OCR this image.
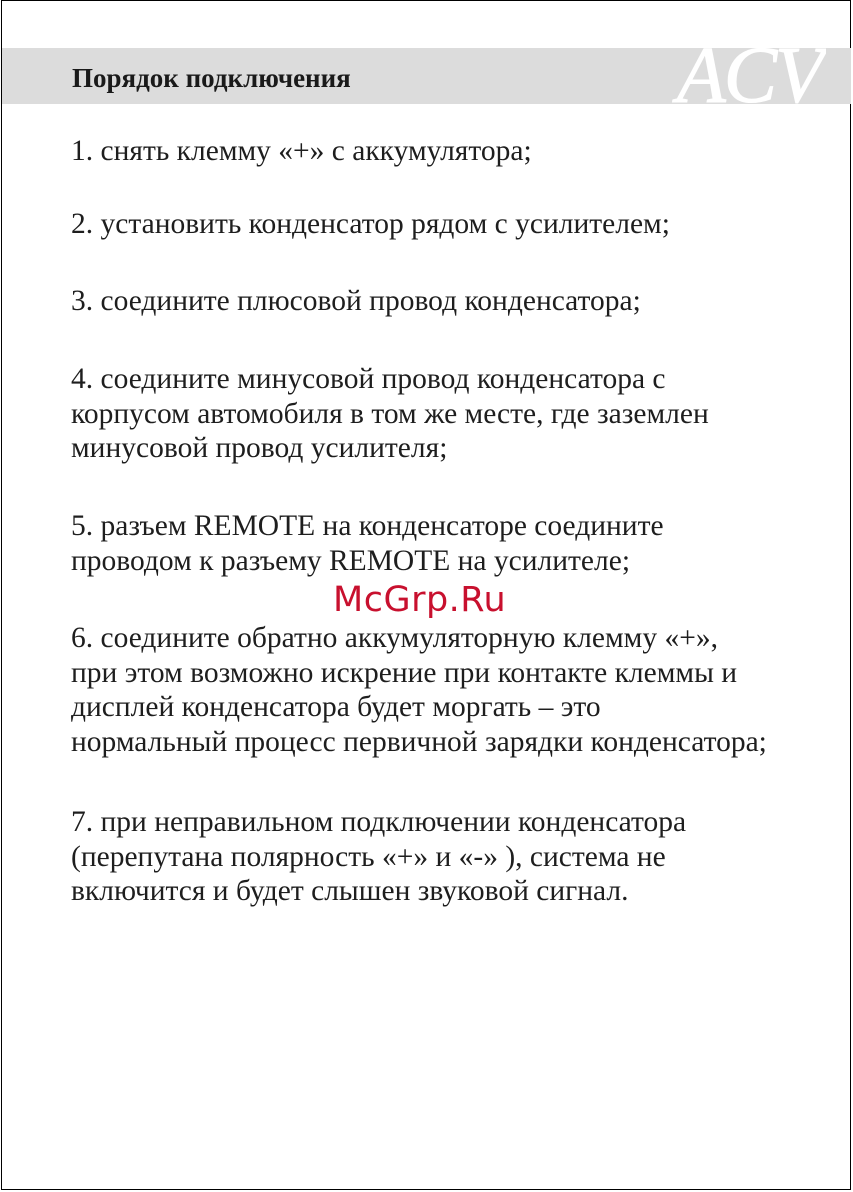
Порядок подключения	ACV
1. снять клемму «+» с аккумулятора;
2. установить конденсатор рядом с усилителем;
3. соедините плюсовой провод конденсатора;
4. соедините минусовой провод конденсатора с
корпусом автомобиля в том же месте, где заземлен
минусовой провод усилителя;
5. разъем REMOTE на конденсаторе соедините
проводом к разъему REMOTE на усилителе;
6. соедините обратно аккумуляторную клемму «+»,
при этом возможно искрение при контакте клеммы и
дисплей конденсатора будет моргать – это
нормальный процесс первичной зарядки конденсатора;
7. при неправильном подключении конденсатора
(перепутана полярность «+» и «-» ), система не
включится и будет слышен звуковой сигнал.
McGrp.Ru
